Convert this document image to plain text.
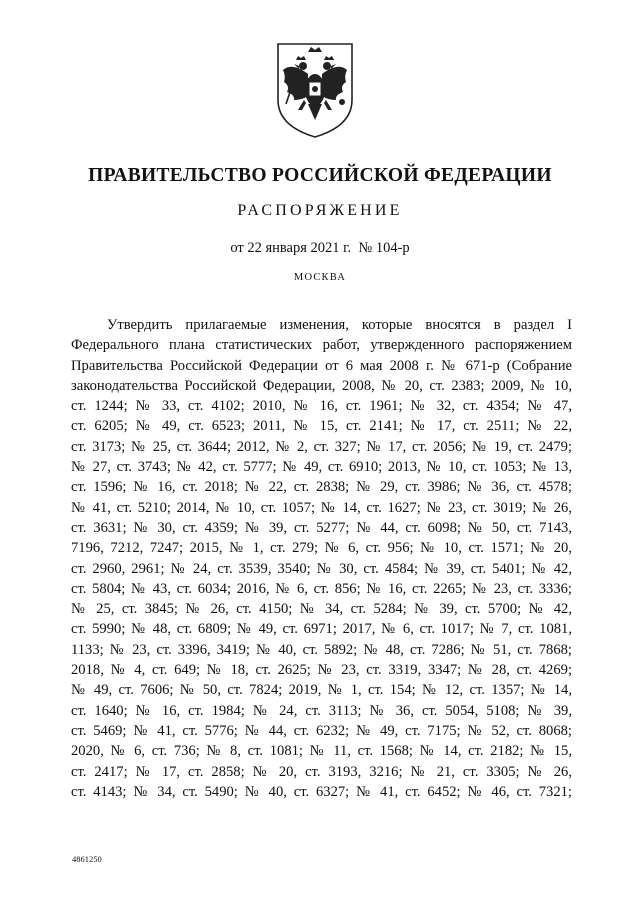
ПРАВИТЕЛЬСТВО РОССИЙСКОЙ ФЕДЕРАЦИИ
РАСПОРЯЖЕНИЕ
от 22 января 2021 г. № 104-р
МОСКВА
Утвердить прилагаемые изменения, которые вносятся в раздел I
Федерального плана статистических работ, утвержденного распоряжением
Правительства Российской Федерации от 6 мая 2008 г. № 671-р (Собрание
законодательства Российской Федерации, 2008, № 20, ст. 2383; 2009, № 10,
ст. 1244; № 33, ст. 4102; 2010, № 16, ст. 1961; № 32, ст. 4354; № 47,
ст. 6205; № 49, ст. 6523; 2011, № 15, ст. 2141; № 17, ст. 2511; № 22,
ст. 3173; № 25, ст. 3644; 2012, № 2, ст. 327; № 17, ст. 2056; № 19, ст. 2479;
№ 27, ст. 3743; № 42, ст. 5777; № 49, ст. 6910; 2013, № 10, ст. 1053; № 13,
ст. 1596; № 16, ст. 2018; № 22, ст. 2838; № 29, ст. 3986; № 36, ст. 4578;
№ 41, ст. 5210; 2014, № 10, ст. 1057; № 14, ст. 1627; № 23, ст. 3019; № 26,
ст. 3631; № 30, ст. 4359; № 39, ст. 5277; № 44, ст. 6098; № 50, ст. 7143,
7196, 7212, 7247; 2015, № 1, ст. 279; № 6, ст. 956; № 10, ст. 1571; № 20,
ст. 2960, 2961; № 24, ст. 3539, 3540; № 30, ст. 4584; № 39, ст. 5401; № 42,
ст. 5804; № 43, ст. 6034; 2016, № 6, ст. 856; № 16, ст. 2265; № 23, ст. 3336;
№ 25, ст. 3845; № 26, ст. 4150; № 34, ст. 5284; № 39, ст. 5700; № 42,
ст. 5990; № 48, ст. 6809; № 49, ст. 6971; 2017, № 6, ст. 1017; № 7, ст. 1081,
1133; № 23, ст. 3396, 3419; № 40, ст. 5892; № 48, ст. 7286; № 51, ст. 7868;
2018, № 4, ст. 649; № 18, ст. 2625; № 23, ст. 3319, 3347; № 28, ст. 4269;
№ 49, ст. 7606; № 50, ст. 7824; 2019, № 1, ст. 154; № 12, ст. 1357; № 14,
ст. 1640; № 16, ст. 1984; № 24, ст. 3113; № 36, ст. 5054, 5108; № 39,
ст. 5469; № 41, ст. 5776; № 44, ст. 6232; № 49, ст. 7175; № 52, ст. 8068;
2020, № 6, ст. 736; № 8, ст. 1081; № 11, ст. 1568; № 14, ст. 2182; № 15,
ст. 2417; № 17, ст. 2858; № 20, ст. 3193, 3216; № 21, ст. 3305; № 26,
ст. 4143; № 34, ст. 5490; № 40, ст. 6327; № 41, ст. 6452; № 46, ст. 7321;
4861250
